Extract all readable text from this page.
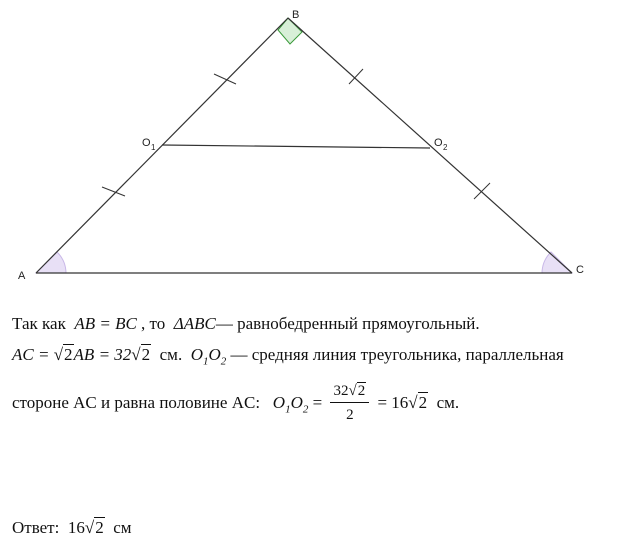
B
A	C
O 1	O 2
Так как AB = BC , то ΔABC— равнобедренный прямоугольный.
AC = √2AB = 32√2 см. $O_1O_2$ — средняя линия треугольника, параллельная
стороне AC и равна половине AC: $O_1O_2 = \frac{32√2}{2} = 16√2$ см.
Ответ: 16√2 см
